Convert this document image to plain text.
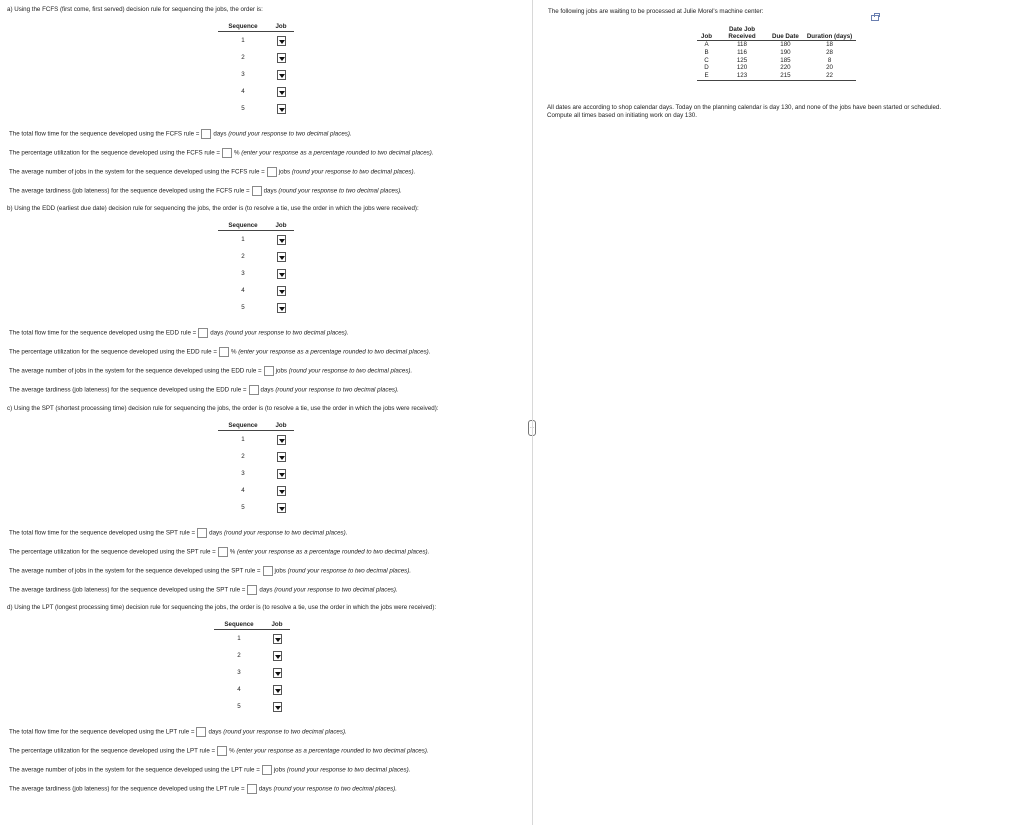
a) Using the FCFS (first come, first served) decision rule for sequencing the jobs, the order is:
Sequence	Job
1	

2	

3	

4	

5	
The total flow time for the sequence developed using the FCFS rule = days (round your response to two decimal places).
The percentage utilization for the sequence developed using the FCFS rule = % (enter your response as a percentage rounded to two decimal places).
The average number of jobs in the system for the sequence developed using the FCFS rule = jobs (round your response to two decimal places).
The average tardiness (job lateness) for the sequence developed using the FCFS rule = days (round your response to two decimal places).
b) Using the EDD (earliest due date) decision rule for sequencing the jobs, the order is (to resolve a tie, use the order in which the jobs were received):
Sequence	Job
1	

2	

3	

4	

5	
The total flow time for the sequence developed using the EDD rule = days (round your response to two decimal places).
The percentage utilization for the sequence developed using the EDD rule = % (enter your response as a percentage rounded to two decimal places).
The average number of jobs in the system for the sequence developed using the EDD rule = jobs (round your response to two decimal places).
The average tardiness (job lateness) for the sequence developed using the EDD rule = days (round your response to two decimal places).
c) Using the SPT (shortest processing time) decision rule for sequencing the jobs, the order is (to resolve a tie, use the order in which the jobs were received):
Sequence	Job
1	

2	

3	

4	

5	
The total flow time for the sequence developed using the SPT rule = days (round your response to two decimal places).
The percentage utilization for the sequence developed using the SPT rule = % (enter your response as a percentage rounded to two decimal places).
The average number of jobs in the system for the sequence developed using the SPT rule = jobs (round your response to two decimal places).
The average tardiness (job lateness) for the sequence developed using the SPT rule = days (round your response to two decimal places).
d) Using the LPT (longest processing time) decision rule for sequencing the jobs, the order is (to resolve a tie, use the order in which the jobs were received):
Sequence	Job
1	

2	

3	

4	

5	
The total flow time for the sequence developed using the LPT rule = days (round your response to two decimal places).
The percentage utilization for the sequence developed using the LPT rule = % (enter your response as a percentage rounded to two decimal places).
The average number of jobs in the system for the sequence developed using the LPT rule = jobs (round your response to two decimal places).
The average tardiness (job lateness) for the sequence developed using the LPT rule = days (round your response to two decimal places).
⋯
The following jobs are waiting to be processed at Julie Morel's machine center:
Job	Date Job Received	Due Date	Duration (days)
A	118	180	18
B	116	190	28
C	125	185	8
D	120	220	20
E	123	215	22
All dates are according to shop calendar days. Today on the planning calendar is day 130, and none of the jobs have been started or scheduled.
Compute all times based on initiating work on day 130.
